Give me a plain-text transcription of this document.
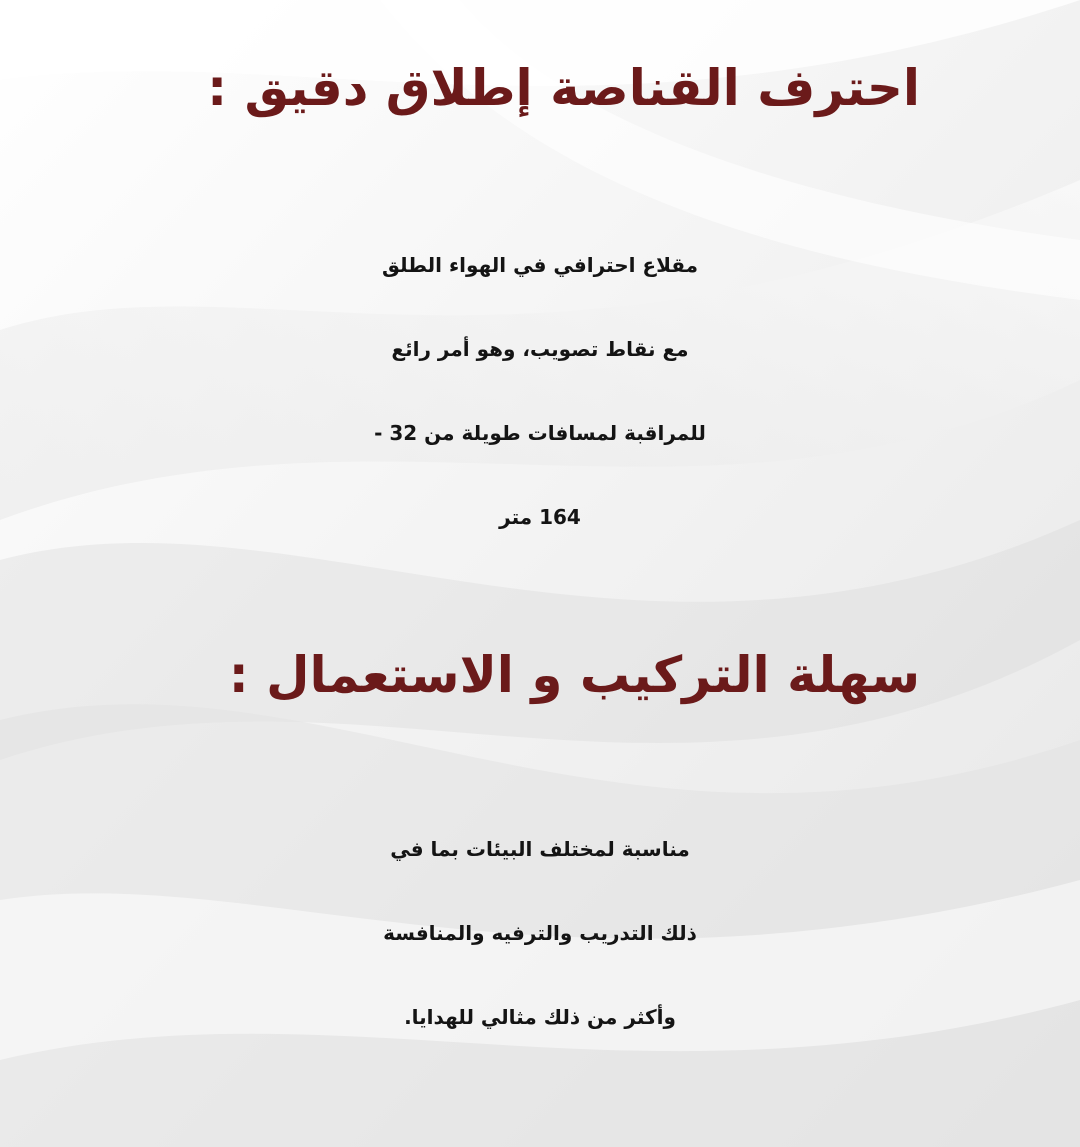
احترف القناصة إطلاق دقيق :
مقلاع احترافي في الهواء الطلق
مع نقاط تصويب، وهو أمر رائع
للمراقبة لمسافات طويلة من 32 -
164 متر
سهلة التركيب و الاستعمال :
مناسبة لمختلف البيئات بما في
ذلك التدريب والترفيه والمنافسة
وأكثر من ذلك مثالي للهدايا.
